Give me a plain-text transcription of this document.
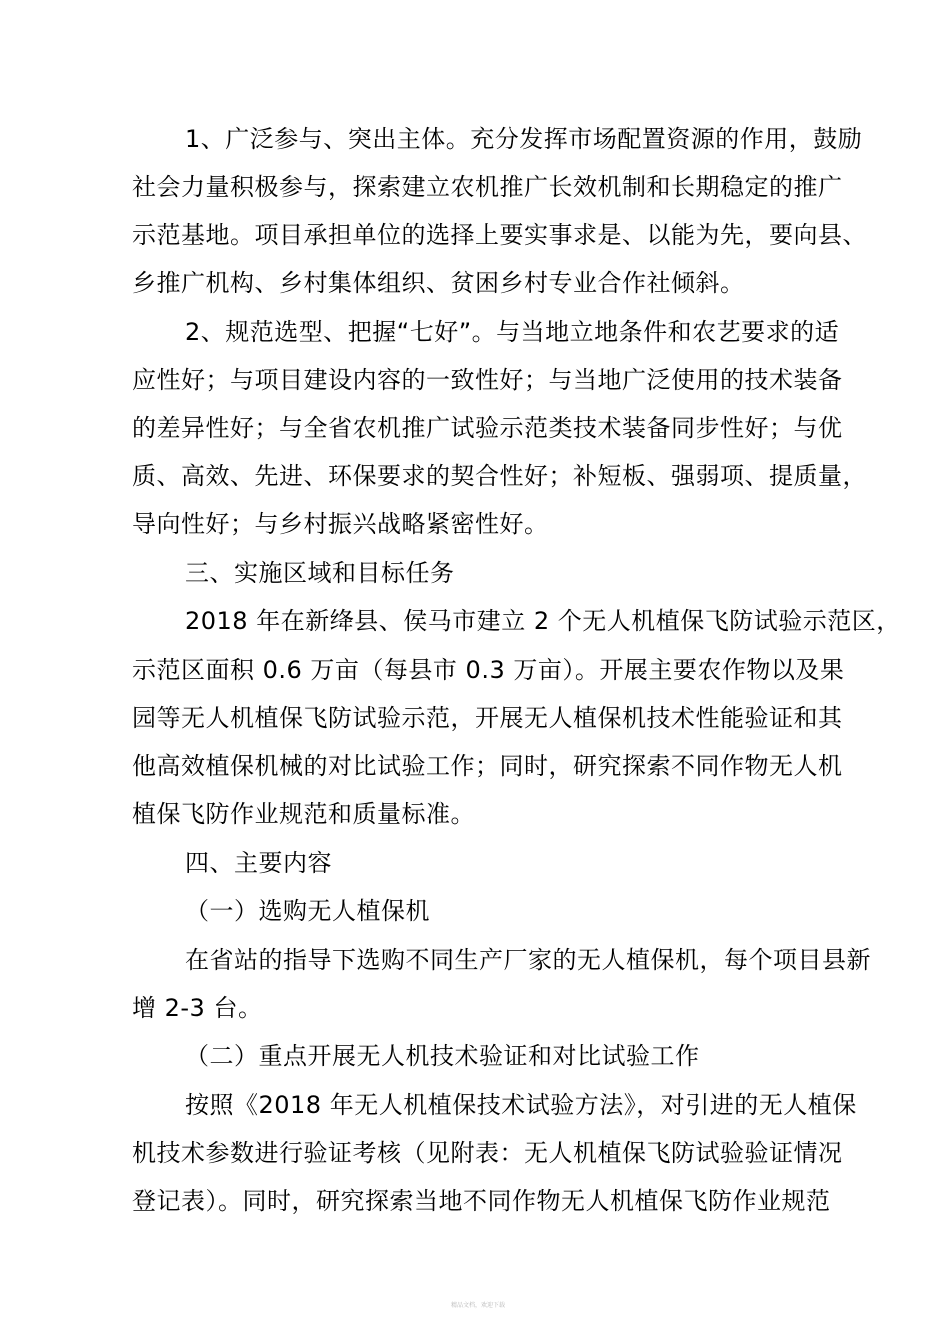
1、广泛参与、突出主体。充分发挥市场配置资源的作用，鼓励

社会力量积极参与，探索建立农机推广长效机制和长期稳定的推广

示范基地。项目承担单位的选择上要实事求是、以能为先，要向县、

乡推广机构、乡村集体组织、贫困乡村专业合作社倾斜。

2、规范选型、把握“七好”。与当地立地条件和农艺要求的适

应性好；与项目建设内容的一致性好；与当地广泛使用的技术装备

的差异性好；与全省农机推广试验示范类技术装备同步性好；与优

质、高效、先进、环保要求的契合性好；补短板、强弱项、提质量，

导向性好；与乡村振兴战略紧密性好。

三、实施区域和目标任务

2018 年在新绛县、侯马市建立 2 个无人机植保飞防试验示范区，

示范区面积 0.6 万亩（每县市 0.3 万亩）。开展主要农作物以及果

园等无人机植保飞防试验示范，开展无人植保机技术性能验证和其

他高效植保机械的对比试验工作；同时，研究探索不同作物无人机

植保飞防作业规范和质量标准。

四、主要内容

（一）选购无人植保机

在省站的指导下选购不同生产厂家的无人植保机，每个项目县新

增 2-3 台。

（二）重点开展无人机技术验证和对比试验工作

按照《2018 年无人机植保技术试验方法》，对引进的无人植保

机技术参数进行验证考核（见附表：无人机植保飞防试验验证情况

登记表）。同时，研究探索当地不同作物无人机植保飞防作业规范

精品文档，欢迎下载
